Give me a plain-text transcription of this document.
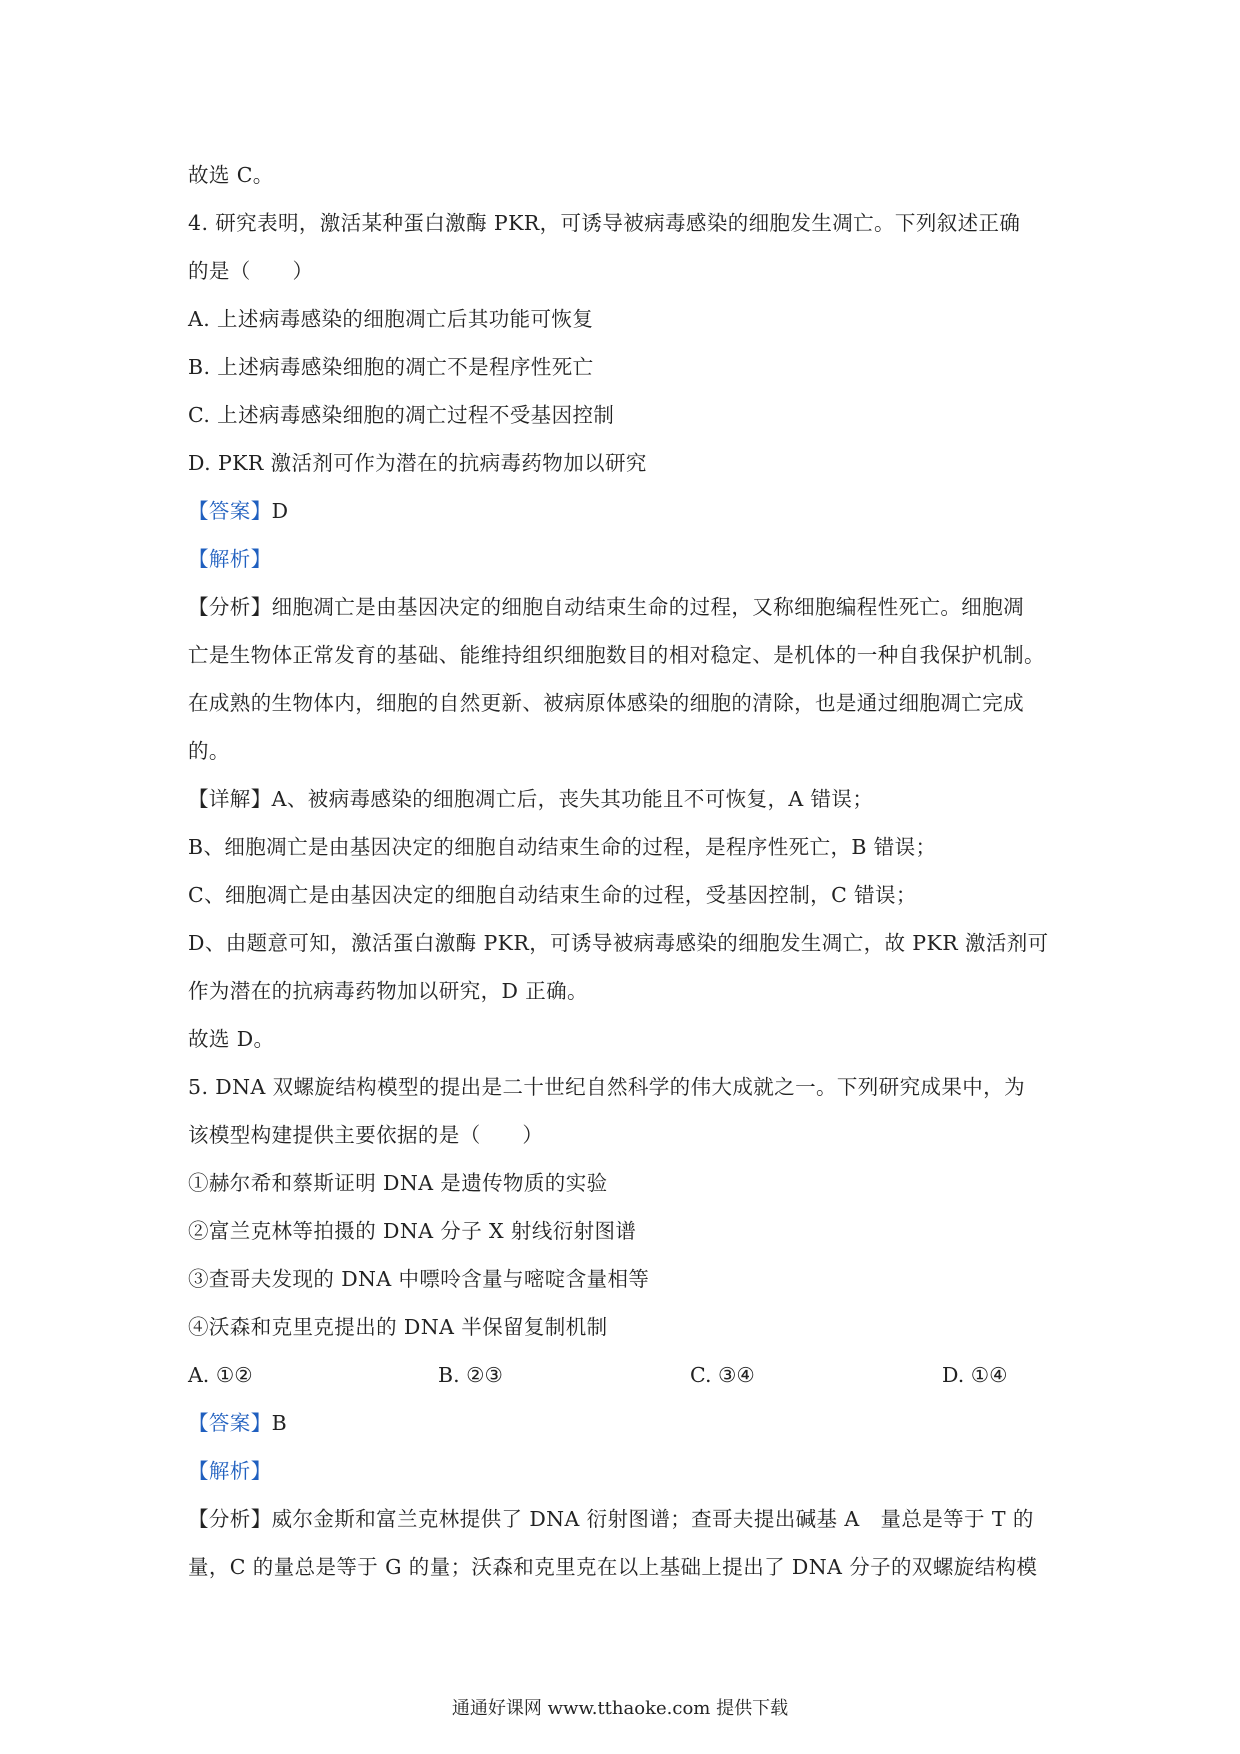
故选 C。

4. 研究表明，激活某种蛋白激酶 PKR，可诱导被病毒感染的细胞发生凋亡。下列叙述正确

的是（　　）

A. 上述病毒感染的细胞凋亡后其功能可恢复

B. 上述病毒感染细胞的凋亡不是程序性死亡

C. 上述病毒感染细胞的凋亡过程不受基因控制

D. PKR 激活剂可作为潜在的抗病毒药物加以研究

【答案】D

【解析】

【分析】细胞凋亡是由基因决定的细胞自动结束生命的过程，又称细胞编程性死亡。细胞凋

亡是生物体正常发育的基础、能维持组织细胞数目的相对稳定、是机体的一种自我保护机制。

在成熟的生物体内，细胞的自然更新、被病原体感染的细胞的清除，也是通过细胞凋亡完成

的。

【详解】A、被病毒感染的细胞凋亡后，丧失其功能且不可恢复，A 错误；

B、细胞凋亡是由基因决定的细胞自动结束生命的过程，是程序性死亡，B 错误；

C、细胞凋亡是由基因决定的细胞自动结束生命的过程，受基因控制，C 错误；

D、由题意可知，激活蛋白激酶 PKR，可诱导被病毒感染的细胞发生凋亡，故 PKR 激活剂可

作为潜在的抗病毒药物加以研究，D 正确。

故选 D。

5. DNA 双螺旋结构模型的提出是二十世纪自然科学的伟大成就之一。下列研究成果中，为

该模型构建提供主要依据的是（　　）

①赫尔希和蔡斯证明 DNA 是遗传物质的实验

②富兰克林等拍摄的 DNA 分子 X 射线衍射图谱

③查哥夫发现的 DNA 中嘌呤含量与嘧啶含量相等

④沃森和克里克提出的 DNA 半保留复制机制

A. ①②	B. ②③	C. ③④	D. ①④

【答案】B

【解析】

【分析】威尔金斯和富兰克林提供了 DNA 衍射图谱；查哥夫提出碱基 A　量总是等于 T 的

量，C 的量总是等于 G 的量；沃森和克里克在以上基础上提出了 DNA 分子的双螺旋结构模

通通好课网 www.tthaoke.com 提供下载
